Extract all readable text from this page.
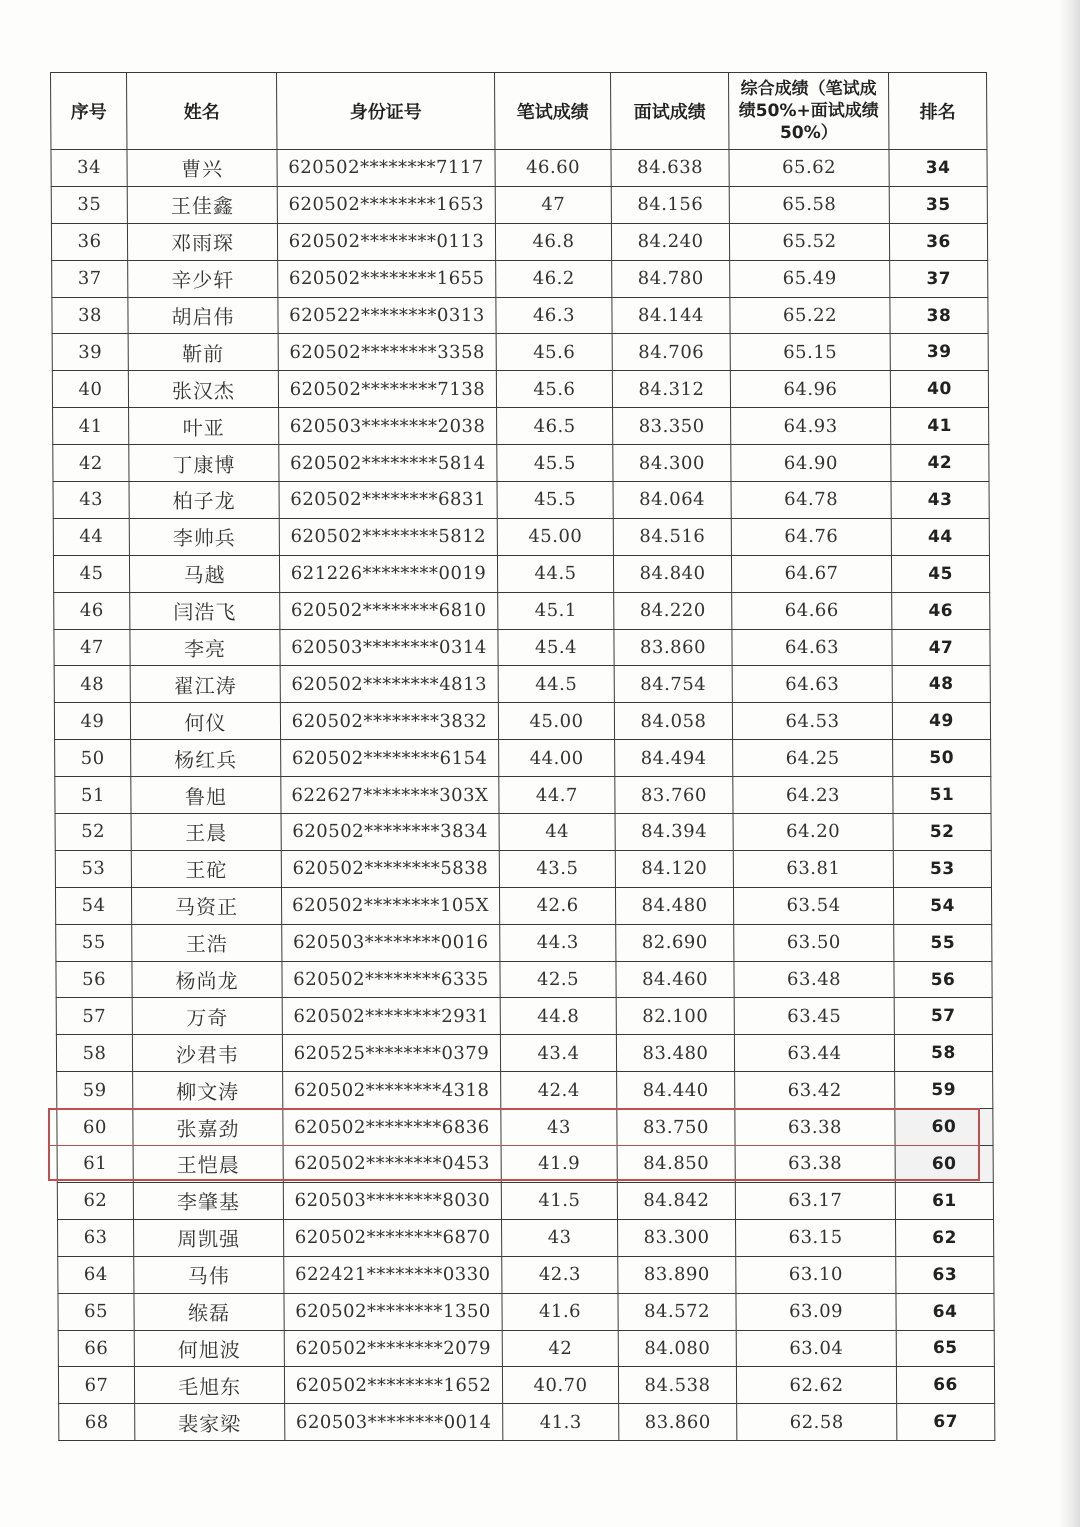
序号	姓名	身份证号	笔试成绩	面试成绩	综合成绩（笔试成绩50%+面试成绩50%）	排名
34	曹兴	620502********7117	46.60	84.638	65.62	34
35	王佳鑫	620502********1653	47	84.156	65.58	35
36	邓雨琛	620502********0113	46.8	84.240	65.52	36
37	辛少轩	620502********1655	46.2	84.780	65.49	37
38	胡启伟	620522********0313	46.3	84.144	65.22	38
39	靳前	620502********3358	45.6	84.706	65.15	39
40	张汉杰	620502********7138	45.6	84.312	64.96	40
41	叶亚	620503********2038	46.5	83.350	64.93	41
42	丁康博	620502********5814	45.5	84.300	64.90	42
43	柏子龙	620502********6831	45.5	84.064	64.78	43
44	李帅兵	620502********5812	45.00	84.516	64.76	44
45	马越	621226********0019	44.5	84.840	64.67	45
46	闫浩飞	620502********6810	45.1	84.220	64.66	46
47	李亮	620503********0314	45.4	83.860	64.63	47
48	翟江涛	620502********4813	44.5	84.754	64.63	48
49	何仪	620502********3832	45.00	84.058	64.53	49
50	杨红兵	620502********6154	44.00	84.494	64.25	50
51	鲁旭	622627********303X	44.7	83.760	64.23	51
52	王晨	620502********3834	44	84.394	64.20	52
53	王砣	620502********5838	43.5	84.120	63.81	53
54	马资正	620502********105X	42.6	84.480	63.54	54
55	王浩	620503********0016	44.3	82.690	63.50	55
56	杨尚龙	620502********6335	42.5	84.460	63.48	56
57	万奇	620502********2931	44.8	82.100	63.45	57
58	沙君韦	620525********0379	43.4	83.480	63.44	58
59	柳文涛	620502********4318	42.4	84.440	63.42	59
60	张嘉劲	620502********6836	43	83.750	63.38	60
61	王恺晨	620502********0453	41.9	84.850	63.38	60
62	李肇基	620503********8030	41.5	84.842	63.17	61
63	周凯强	620502********6870	43	83.300	63.15	62
64	马伟	622421********0330	42.3	83.890	63.10	63
65	缑磊	620502********1350	41.6	84.572	63.09	64
66	何旭波	620502********2079	42	84.080	63.04	65
67	毛旭东	620502********1652	40.70	84.538	62.62	66
68	裴家梁	620503********0014	41.3	83.860	62.58	67
